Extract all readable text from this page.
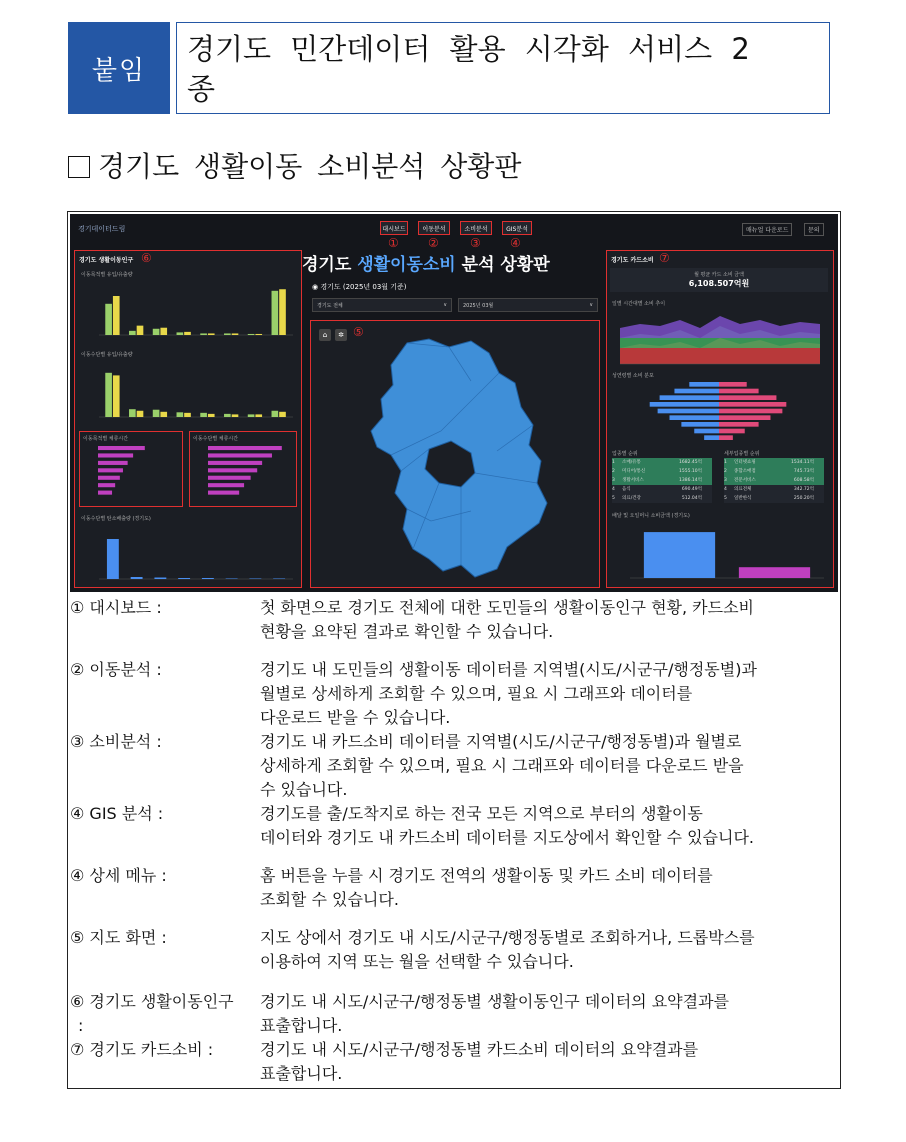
붙임
경기도 민간데이터 활용 시각화 서비스 2
종
경기도 생활이동 소비분석 상황판
경기데이터드림	대시보드	이동분석	소비분석	GIS분석
① ②	③ ④
매뉴얼 다운로드	문의
경기도 생활이동인구 ⑥
이동목적별 유입/유출량
이동수단별 유입/유출량
이동목적별 체류시간	이동수단별 체류시간
이동수단별 탄소배출량 (경기도)
경기도 생활이동소비 분석 상황판
◉ 경기도 (2025년 03월 기준)
경기도 전체	∨	2025년 03월	∨
⌂	✲ ⑤
경기도 카드소비 ⑦
월 평균 카드 소비 금액
6,108.507억원
일별 시간대별 소비 추이
성연령별 소비 분포
업종별 순위
1	소매/유통	1682.45억
2	미디어/통신	1555.10억
3	생활서비스	1386.14억
4	음식	690.49억
5	의료/건강	512.04억
세부업종별 순위
1	인터넷쇼핑	1534.11억
2	종합소매점	745.73억
3	전문서비스	608.58억
4	의료전체	342.72억
5	일반한식	250.20억
배달 및 오일머니 소비금액 (경기도)
① 대시보드 :	첫 화면으로 경기도 전체에 대한 도민들의 생활이동인구 현황, 카드소비
현황을 요약된 결과로 확인할 수 있습니다.
② 이동분석 :	경기도 내 도민들의 생활이동 데이터를 지역별(시도/시군구/행정동별)과
월별로 상세하게 조회할 수 있으며, 필요 시 그래프와 데이터를
다운로드 받을 수 있습니다.
③ 소비분석 :	경기도 내 카드소비 데이터를 지역별(시도/시군구/행정동별)과 월별로
상세하게 조회할 수 있으며, 필요 시 그래프와 데이터를 다운로드 받을
수 있습니다.
④ GIS 분석 :	경기도를 출/도착지로 하는 전국 모든 지역으로 부터의 생활이동
데이터와 경기도 내 카드소비 데이터를 지도상에서 확인할 수 있습니다.
④ 상세 메뉴 :	홈 버튼을 누를 시 경기도 전역의 생활이동 및 카드 소비 데이터를
조회할 수 있습니다.
⑤ 지도 화면 :	지도 상에서 경기도 내 시도/시군구/행정동별로 조회하거나, 드롭박스를
이용하여 지역 또는 월을 선택할 수 있습니다.
⑥ 경기도 생활이동인구
:
경기도 내 시도/시군구/행정동별 생활이동인구 데이터의 요약결과를
표출합니다.
⑦ 경기도 카드소비 :	경기도 내 시도/시군구/행정동별 카드소비 데이터의 요약결과를
표출합니다.
